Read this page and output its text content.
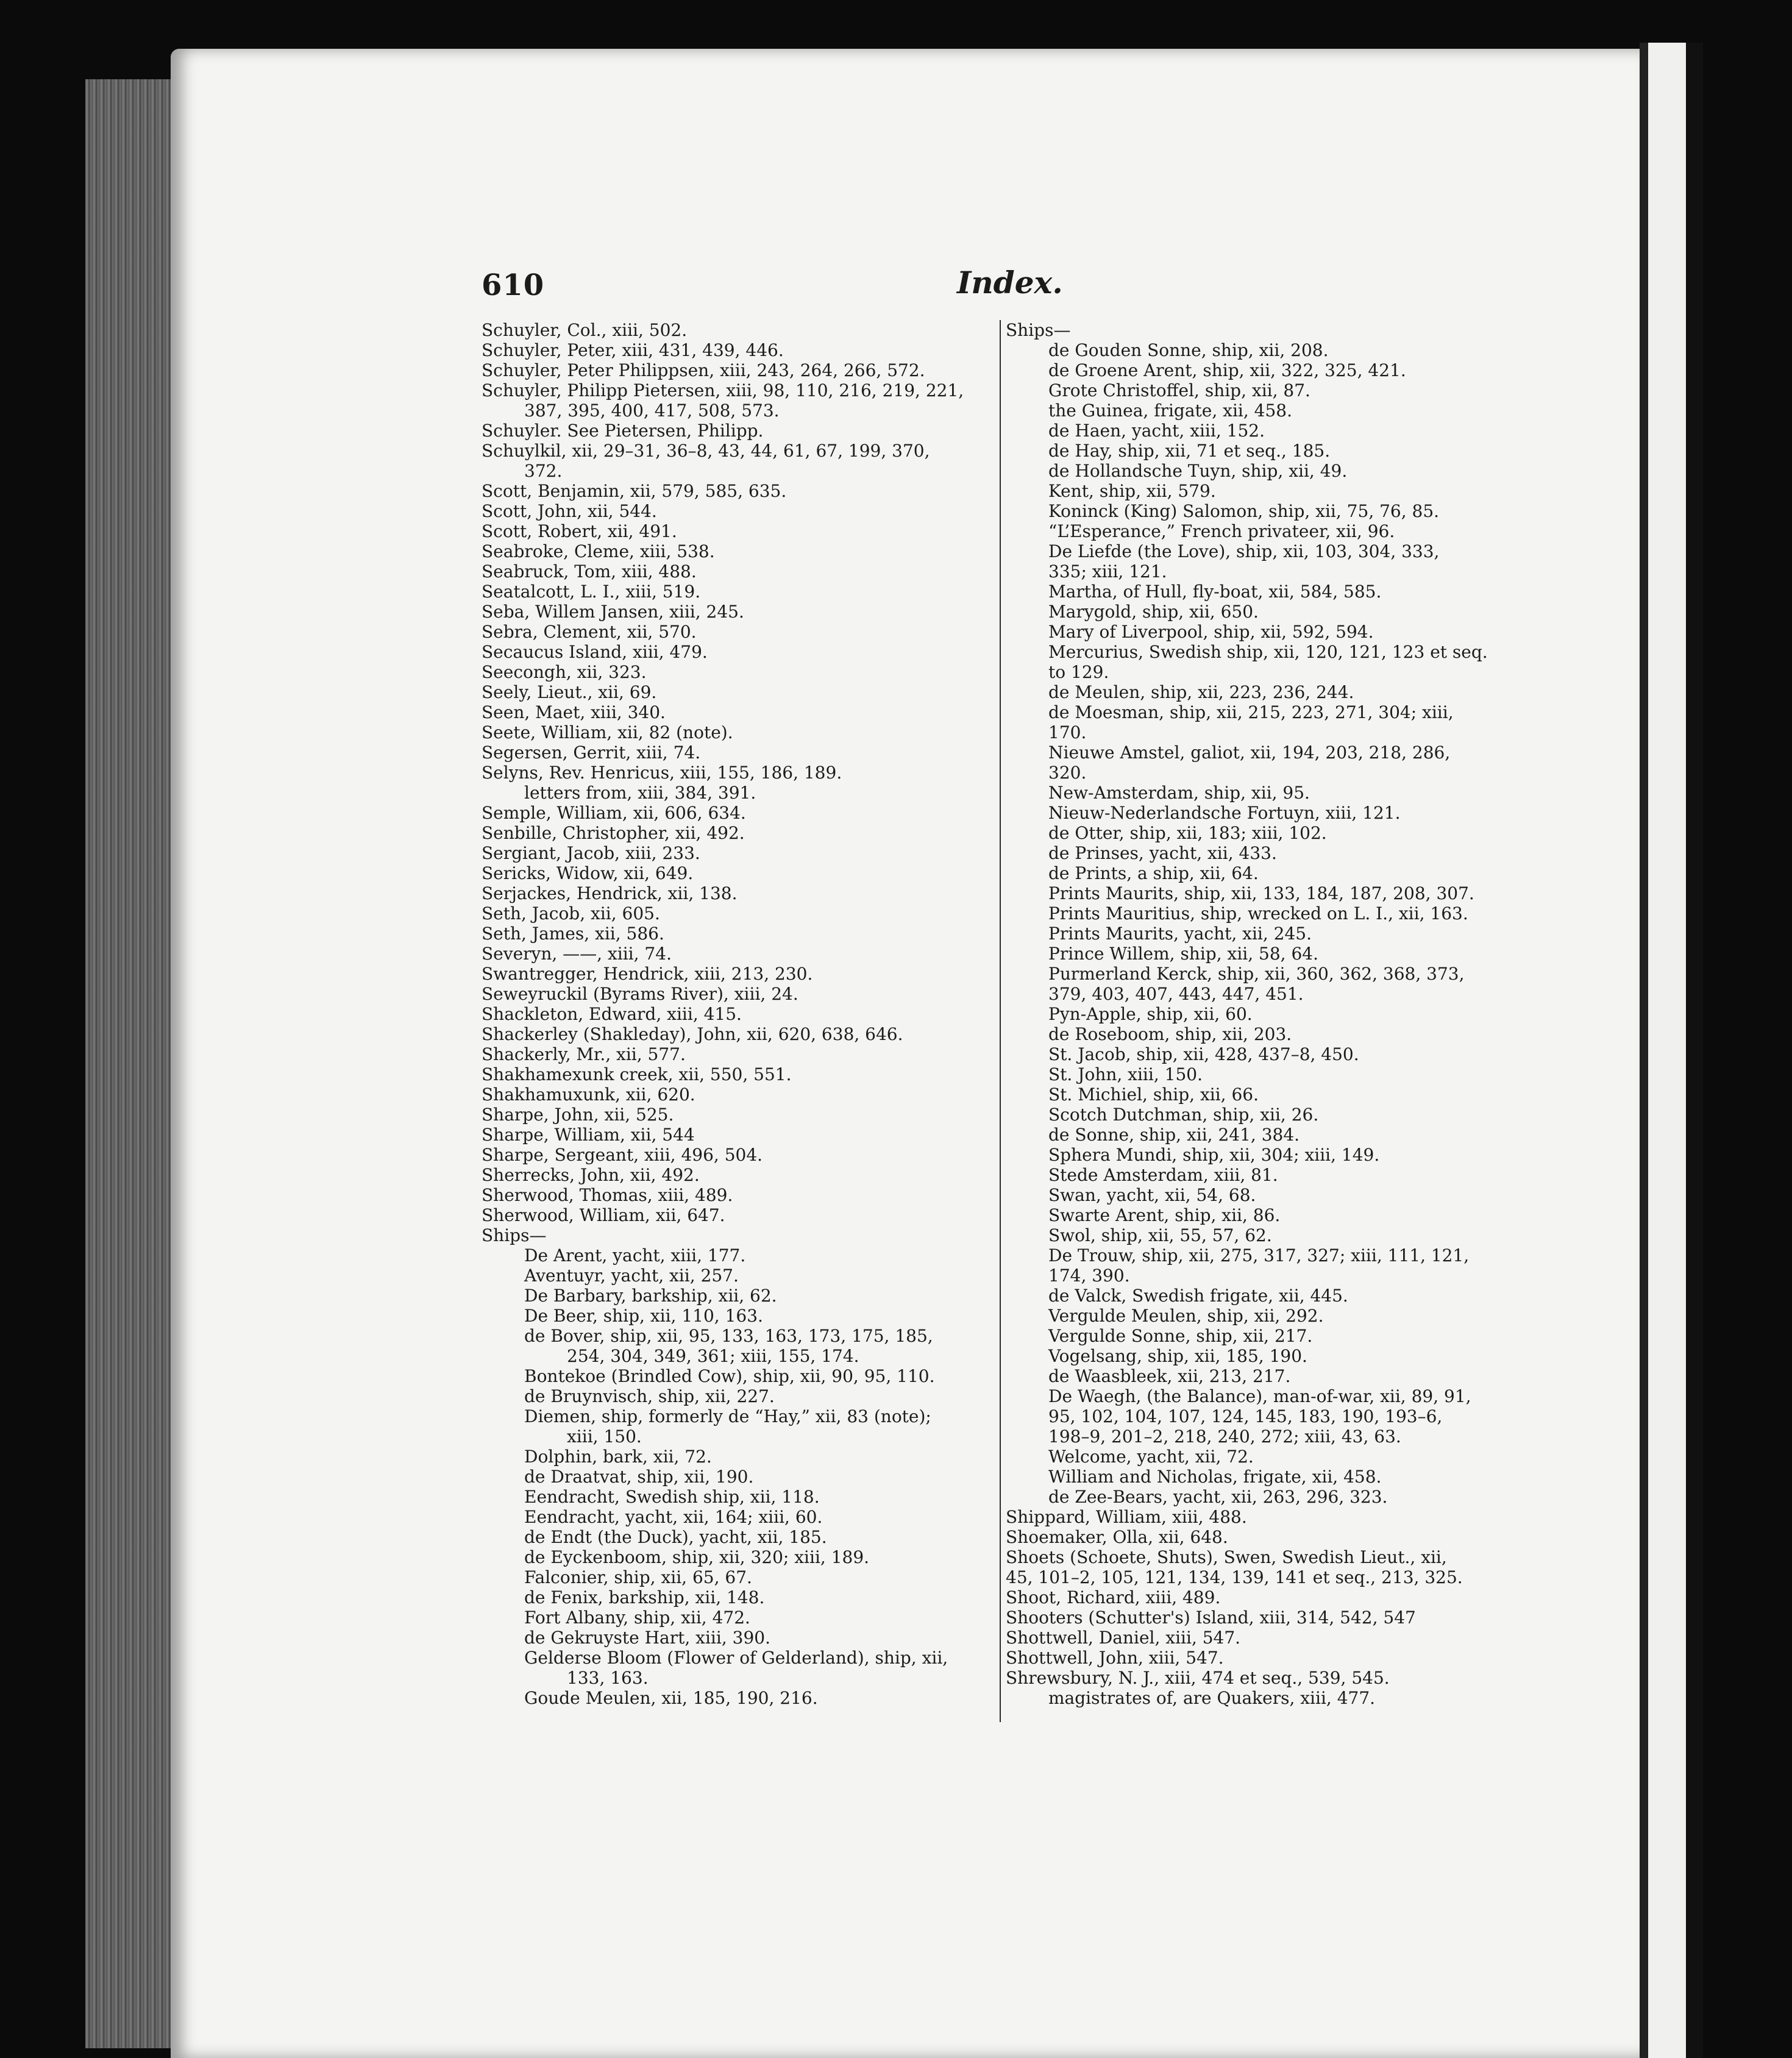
610	Index.
Schuyler, Col., xiii, 502.
Schuyler, Peter, xiii, 431, 439, 446.
Schuyler, Peter Philippsen, xiii, 243, 264, 266, 572.
Schuyler, Philipp Pietersen, xiii, 98, 110, 216, 219, 221,
387, 395, 400, 417, 508, 573.
Schuyler. See Pietersen, Philipp.
Schuylkil, xii, 29–31, 36–8, 43, 44, 61, 67, 199, 370,
372.
Scott, Benjamin, xii, 579, 585, 635.
Scott, John, xii, 544.
Scott, Robert, xii, 491.
Seabroke, Cleme, xiii, 538.
Seabruck, Tom, xiii, 488.
Seatalcott, L. I., xiii, 519.
Seba, Willem Jansen, xiii, 245.
Sebra, Clement, xii, 570.
Secaucus Island, xiii, 479.
Seecongh, xii, 323.
Seely, Lieut., xii, 69.
Seen, Maet, xiii, 340.
Seete, William, xii, 82 (note).
Segersen, Gerrit, xiii, 74.
Selyns, Rev. Henricus, xiii, 155, 186, 189.
letters from, xiii, 384, 391.
Semple, William, xii, 606, 634.
Senbille, Christopher, xii, 492.
Sergiant, Jacob, xiii, 233.
Sericks, Widow, xii, 649.
Serjackes, Hendrick, xii, 138.
Seth, Jacob, xii, 605.
Seth, James, xii, 586.
Severyn, ——, xiii, 74.
Swantregger, Hendrick, xiii, 213, 230.
Seweyruckil (Byrams River), xiii, 24.
Shackleton, Edward, xiii, 415.
Shackerley (Shakleday), John, xii, 620, 638, 646.
Shackerly, Mr., xii, 577.
Shakhamexunk creek, xii, 550, 551.
Shakhamuxunk, xii, 620.
Sharpe, John, xii, 525.
Sharpe, William, xii, 544
Sharpe, Sergeant, xiii, 496, 504.
Sherrecks, John, xii, 492.
Sherwood, Thomas, xiii, 489.
Sherwood, William, xii, 647.
Ships—
De Arent, yacht, xiii, 177.
Aventuyr, yacht, xii, 257.
De Barbary, barkship, xii, 62.
De Beer, ship, xii, 110, 163.
de Bover, ship, xii, 95, 133, 163, 173, 175, 185,
254, 304, 349, 361; xiii, 155, 174.
Bontekoe (Brindled Cow), ship, xii, 90, 95, 110.
de Bruynvisch, ship, xii, 227.
Diemen, ship, formerly de “Hay,” xii, 83 (note);
xiii, 150.
Dolphin, bark, xii, 72.
de Draatvat, ship, xii, 190.
Eendracht, Swedish ship, xii, 118.
Eendracht, yacht, xii, 164; xiii, 60.
de Endt (the Duck), yacht, xii, 185.
de Eyckenboom, ship, xii, 320; xiii, 189.
Falconier, ship, xii, 65, 67.
de Fenix, barkship, xii, 148.
Fort Albany, ship, xii, 472.
de Gekruyste Hart, xiii, 390.
Gelderse Bloom (Flower of Gelderland), ship, xii,
133, 163.
Goude Meulen, xii, 185, 190, 216.
Ships—
de Gouden Sonne, ship, xii, 208.
de Groene Arent, ship, xii, 322, 325, 421.
Grote Christoffel, ship, xii, 87.
the Guinea, frigate, xii, 458.
de Haen, yacht, xiii, 152.
de Hay, ship, xii, 71 et seq., 185.
de Hollandsche Tuyn, ship, xii, 49.
Kent, ship, xii, 579.
Koninck (King) Salomon, ship, xii, 75, 76, 85.
“L’Esperance,” French privateer, xii, 96.
De Liefde (the Love), ship, xii, 103, 304, 333,
335; xiii, 121.
Martha, of Hull, fly-boat, xii, 584, 585.
Marygold, ship, xii, 650.
Mary of Liverpool, ship, xii, 592, 594.
Mercurius, Swedish ship, xii, 120, 121, 123 et seq.
to 129.
de Meulen, ship, xii, 223, 236, 244.
de Moesman, ship, xii, 215, 223, 271, 304; xiii,
170.
Nieuwe Amstel, galiot, xii, 194, 203, 218, 286,
320.
New-Amsterdam, ship, xii, 95.
Nieuw-Nederlandsche Fortuyn, xiii, 121.
de Otter, ship, xii, 183; xiii, 102.
de Prinses, yacht, xii, 433.
de Prints, a ship, xii, 64.
Prints Maurits, ship, xii, 133, 184, 187, 208, 307.
Prints Mauritius, ship, wrecked on L. I., xii, 163.
Prints Maurits, yacht, xii, 245.
Prince Willem, ship, xii, 58, 64.
Purmerland Kerck, ship, xii, 360, 362, 368, 373,
379, 403, 407, 443, 447, 451.
Pyn-Apple, ship, xii, 60.
de Roseboom, ship, xii, 203.
St. Jacob, ship, xii, 428, 437–8, 450.
St. John, xiii, 150.
St. Michiel, ship, xii, 66.
Scotch Dutchman, ship, xii, 26.
de Sonne, ship, xii, 241, 384.
Sphera Mundi, ship, xii, 304; xiii, 149.
Stede Amsterdam, xiii, 81.
Swan, yacht, xii, 54, 68.
Swarte Arent, ship, xii, 86.
Swol, ship, xii, 55, 57, 62.
De Trouw, ship, xii, 275, 317, 327; xiii, 111, 121,
174, 390.
de Valck, Swedish frigate, xii, 445.
Vergulde Meulen, ship, xii, 292.
Vergulde Sonne, ship, xii, 217.
Vogelsang, ship, xii, 185, 190.
de Waasbleek, xii, 213, 217.
De Waegh, (the Balance), man-of-war, xii, 89, 91,
95, 102, 104, 107, 124, 145, 183, 190, 193–6,
198–9, 201–2, 218, 240, 272; xiii, 43, 63.
Welcome, yacht, xii, 72.
William and Nicholas, frigate, xii, 458.
de Zee-Bears, yacht, xii, 263, 296, 323.
Shippard, William, xiii, 488.
Shoemaker, Olla, xii, 648.
Shoets (Schoete, Shuts), Swen, Swedish Lieut., xii,
45, 101–2, 105, 121, 134, 139, 141 et seq., 213, 325.
Shoot, Richard, xiii, 489.
Shooters (Schutter's) Island, xiii, 314, 542, 547
Shottwell, Daniel, xiii, 547.
Shottwell, John, xiii, 547.
Shrewsbury, N. J., xiii, 474 et seq., 539, 545.
magistrates of, are Quakers, xiii, 477.
